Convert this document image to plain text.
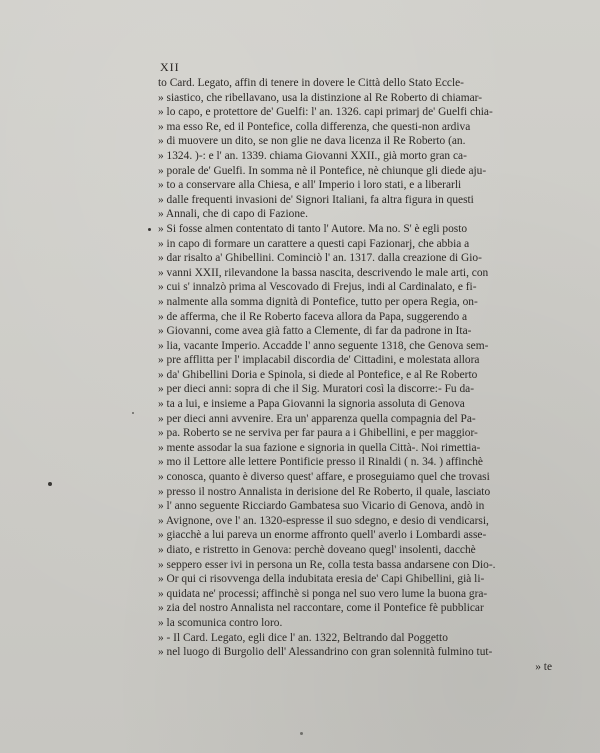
XII

to Card. Legato, affin di tenere in dovere le Città dello Stato Eccle-

» siastico, che ribellavano, usa la distinzione al Re Roberto di chiamar-

» lo capo, e protettore de' Guelfi: l' an. 1326. capi primarj de' Guelfi chia-

» ma esso Re, ed il Pontefice, colla differenza, che questi-non ardiva

» di muovere un dito, se non glie ne dava licenza il Re Roberto (an.

» 1324. )-: e l' an. 1339. chiama Giovanni XXII., già morto gran ca-

» porale de' Guelfi. In somma nè il Pontefice, nè chiunque gli diede aju-

» to a conservare alla Chiesa, e all' Imperio i loro stati, e a liberarli

» dalle frequenti invasioni de' Signori Italiani, fa altra figura in questi

» Annali, che di capo di Fazione.

» Si fosse almen contentato di tanto l' Autore. Ma no. S' è egli posto

» in capo di formare un carattere a questi capi Fazionarj, che abbia a

» dar risalto a' Ghibellini. Cominciò l' an. 1317. dalla creazione di Gio-

» vanni XXII, rilevandone la bassa nascita, descrivendo le male arti, con

» cui s' innalzò prima al Vescovado di Frejus, indi al Cardinalato, e fi-

» nalmente alla somma dignità di Pontefice, tutto per opera Regia, on-

» de afferma, che il Re Roberto faceva allora da Papa, suggerendo a

» Giovanni, come avea già fatto a Clemente, di far da padrone in Ita-

» lia, vacante Imperio. Accadde l' anno seguente 1318, che Genova sem-

» pre afflitta per l' implacabil discordia de' Cittadini, e molestata allora

» da' Ghibellini Doria e Spinola, si diede al Pontefice, e al Re Roberto

» per dieci anni: sopra di che il Sig. Muratori così la discorre:- Fu da-

» ta a lui, e insieme a Papa Giovanni la signoria assoluta di Genova

» per dieci anni avvenire. Era un' apparenza quella compagnia del Pa-

» pa. Roberto se ne serviva per far paura a i Ghibellini, e per maggior-

» mente assodar la sua fazione e signoria in quella Città-. Noi rimettia-

» mo il Lettore alle lettere Pontificie presso il Rinaldi ( n. 34. ) affinchè

» conosca, quanto è diverso quest' affare, e proseguiamo quel che trovasi

» presso il nostro Annalista in derisione del Re Roberto, il quale, lasciato

» l' anno seguente Ricciardo Gambatesa suo Vicario di Genova, andò in

» Avignone, ove l' an. 1320-espresse il suo sdegno, e desio di vendicarsi,

» giacchè a lui pareva un enorme affronto quell' averlo i Lombardi asse-

» diato, e ristretto in Genova: perchè doveano quegl' insolenti, dacchè

» seppero esser ivi in persona un Re, colla testa bassa andarsene con Dio-.

» Or qui ci risovvenga della indubitata eresia de' Capi Ghibellini, già li-

» quidata ne' processi; affinchè si ponga nel suo vero lume la buona gra-

» zia del nostro Annalista nel raccontare, come il Pontefice fè pubblicar

» la scomunica contro loro.

» - Il Card. Legato, egli dice l' an. 1322, Beltrando dal Poggetto

» nel luogo di Burgolio dell' Alessandrino con gran solennità fulmino tut-

» te
